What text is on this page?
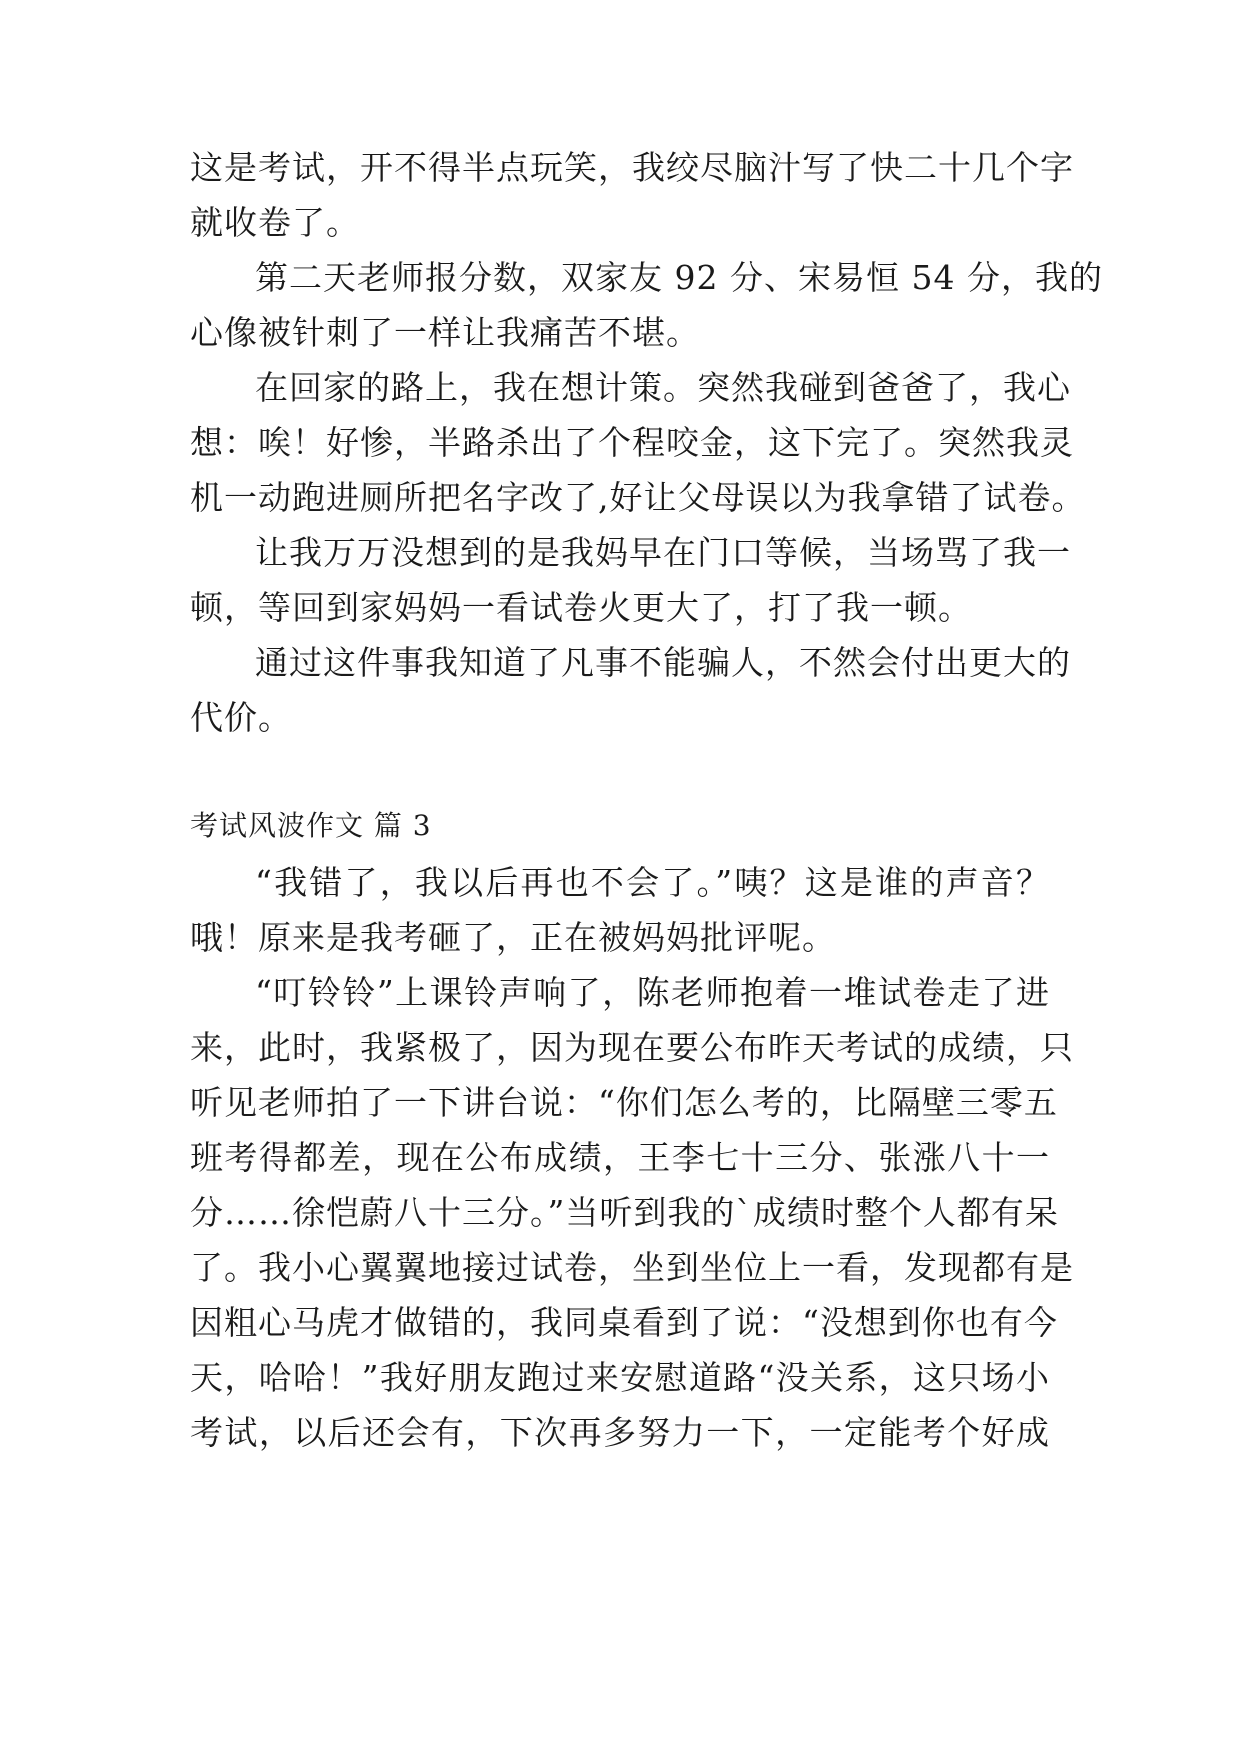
这是考试，开不得半点玩笑，我绞尽脑汁写了快二十几个字
就收卷了。
第二天老师报分数，双家友 92 分、宋易恒 54 分，我的
心像被针刺了一样让我痛苦不堪。
在回家的路上，我在想计策。突然我碰到爸爸了，我心
想：唉！好惨，半路杀出了个程咬金，这下完了。突然我灵
机一动跑进厕所把名字改了,好让父母误以为我拿错了试卷。
让我万万没想到的是我妈早在门口等候，当场骂了我一
顿，等回到家妈妈一看试卷火更大了，打了我一顿。
通过这件事我知道了凡事不能骗人，不然会付出更大的
代价。
考试风波作文 篇 3
“我错了，我以后再也不会了。”咦？这是谁的声音？
哦！原来是我考砸了，正在被妈妈批评呢。
“叮铃铃”上课铃声响了，陈老师抱着一堆试卷走了进
来，此时，我紧极了，因为现在要公布昨天考试的成绩，只
听见老师拍了一下讲台说：“你们怎么考的，比隔壁三零五
班考得都差，现在公布成绩，王李七十三分、张涨八十一
分……徐恺蔚八十三分。”当听到我的`成绩时整个人都有呆
了。我小心翼翼地接过试卷，坐到坐位上一看，发现都有是
因粗心马虎才做错的，我同桌看到了说：“没想到你也有今
天，哈哈！”我好朋友跑过来安慰道路“没关系，这只场小
考试，以后还会有，下次再多努力一下，一定能考个好成
